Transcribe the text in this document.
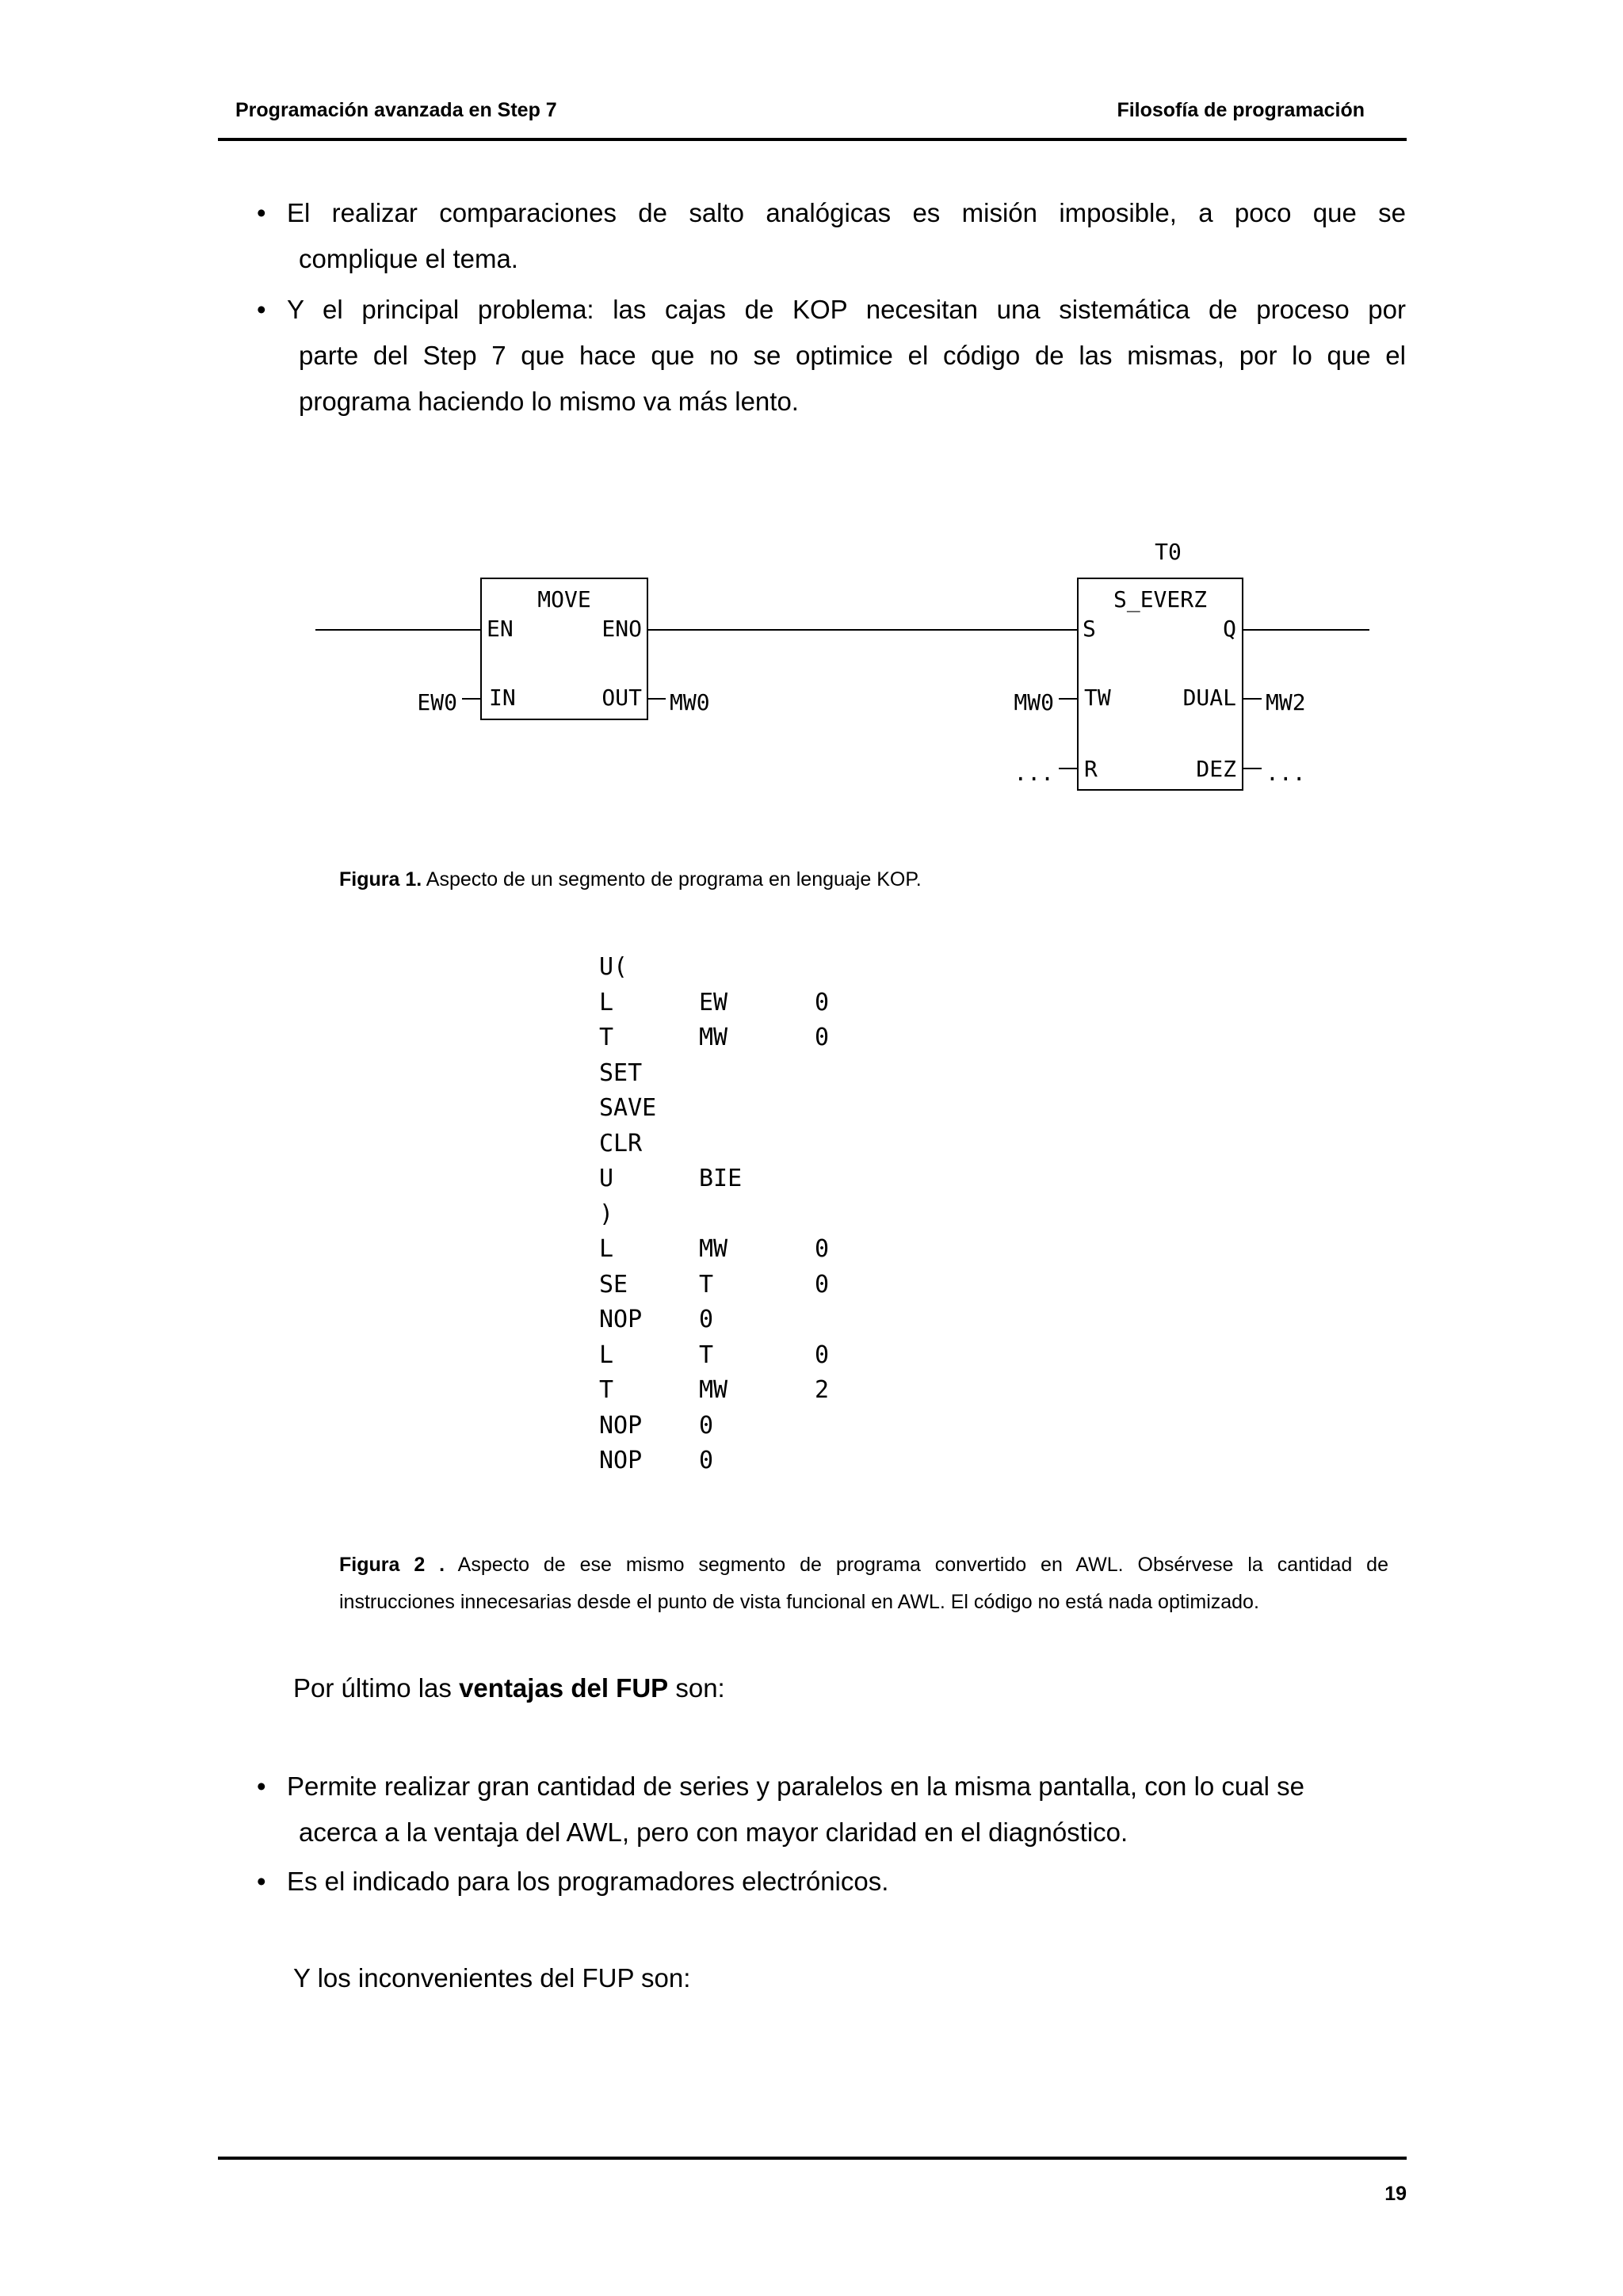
Programación avanzada en Step 7	Filosofía de programación
• El realizar comparaciones de salto analógicas es misión imposible, a poco que se
complique el tema.
• Y el principal problema: las cajas de KOP necesitan una sistemática de proceso por
parte del Step 7 que hace que no se optimice el código de las mismas, por lo que el
programa haciendo lo mismo va más lento.
MOVE
EN	ENO
IN	OUT
EW0	MW0
T0
S_EVERZ
S	Q
TW	DUAL
R	DEZ
MW0	MW2
...	...
Figura 1. Aspecto de un segmento de programa en lenguaje KOP.
U(
L	EW	0
T	MW	0
SET
SAVE
CLR
U	BIE
)
L	MW	0
SE	T	0
NOP 0
L	T	0
T	MW	2
NOP 0
NOP 0
Figura 2 . Aspecto de ese mismo segmento de programa convertido en AWL. Obsérvese la cantidad de
instrucciones innecesarias desde el punto de vista funcional en AWL. El código no está nada optimizado.
Por último las ventajas del FUP son:
• Permite realizar gran cantidad de series y paralelos en la misma pantalla, con lo cual se
acerca a la ventaja del AWL, pero con mayor claridad en el diagnóstico.
• Es el indicado para los programadores electrónicos.
Y los inconvenientes del FUP son:
19
